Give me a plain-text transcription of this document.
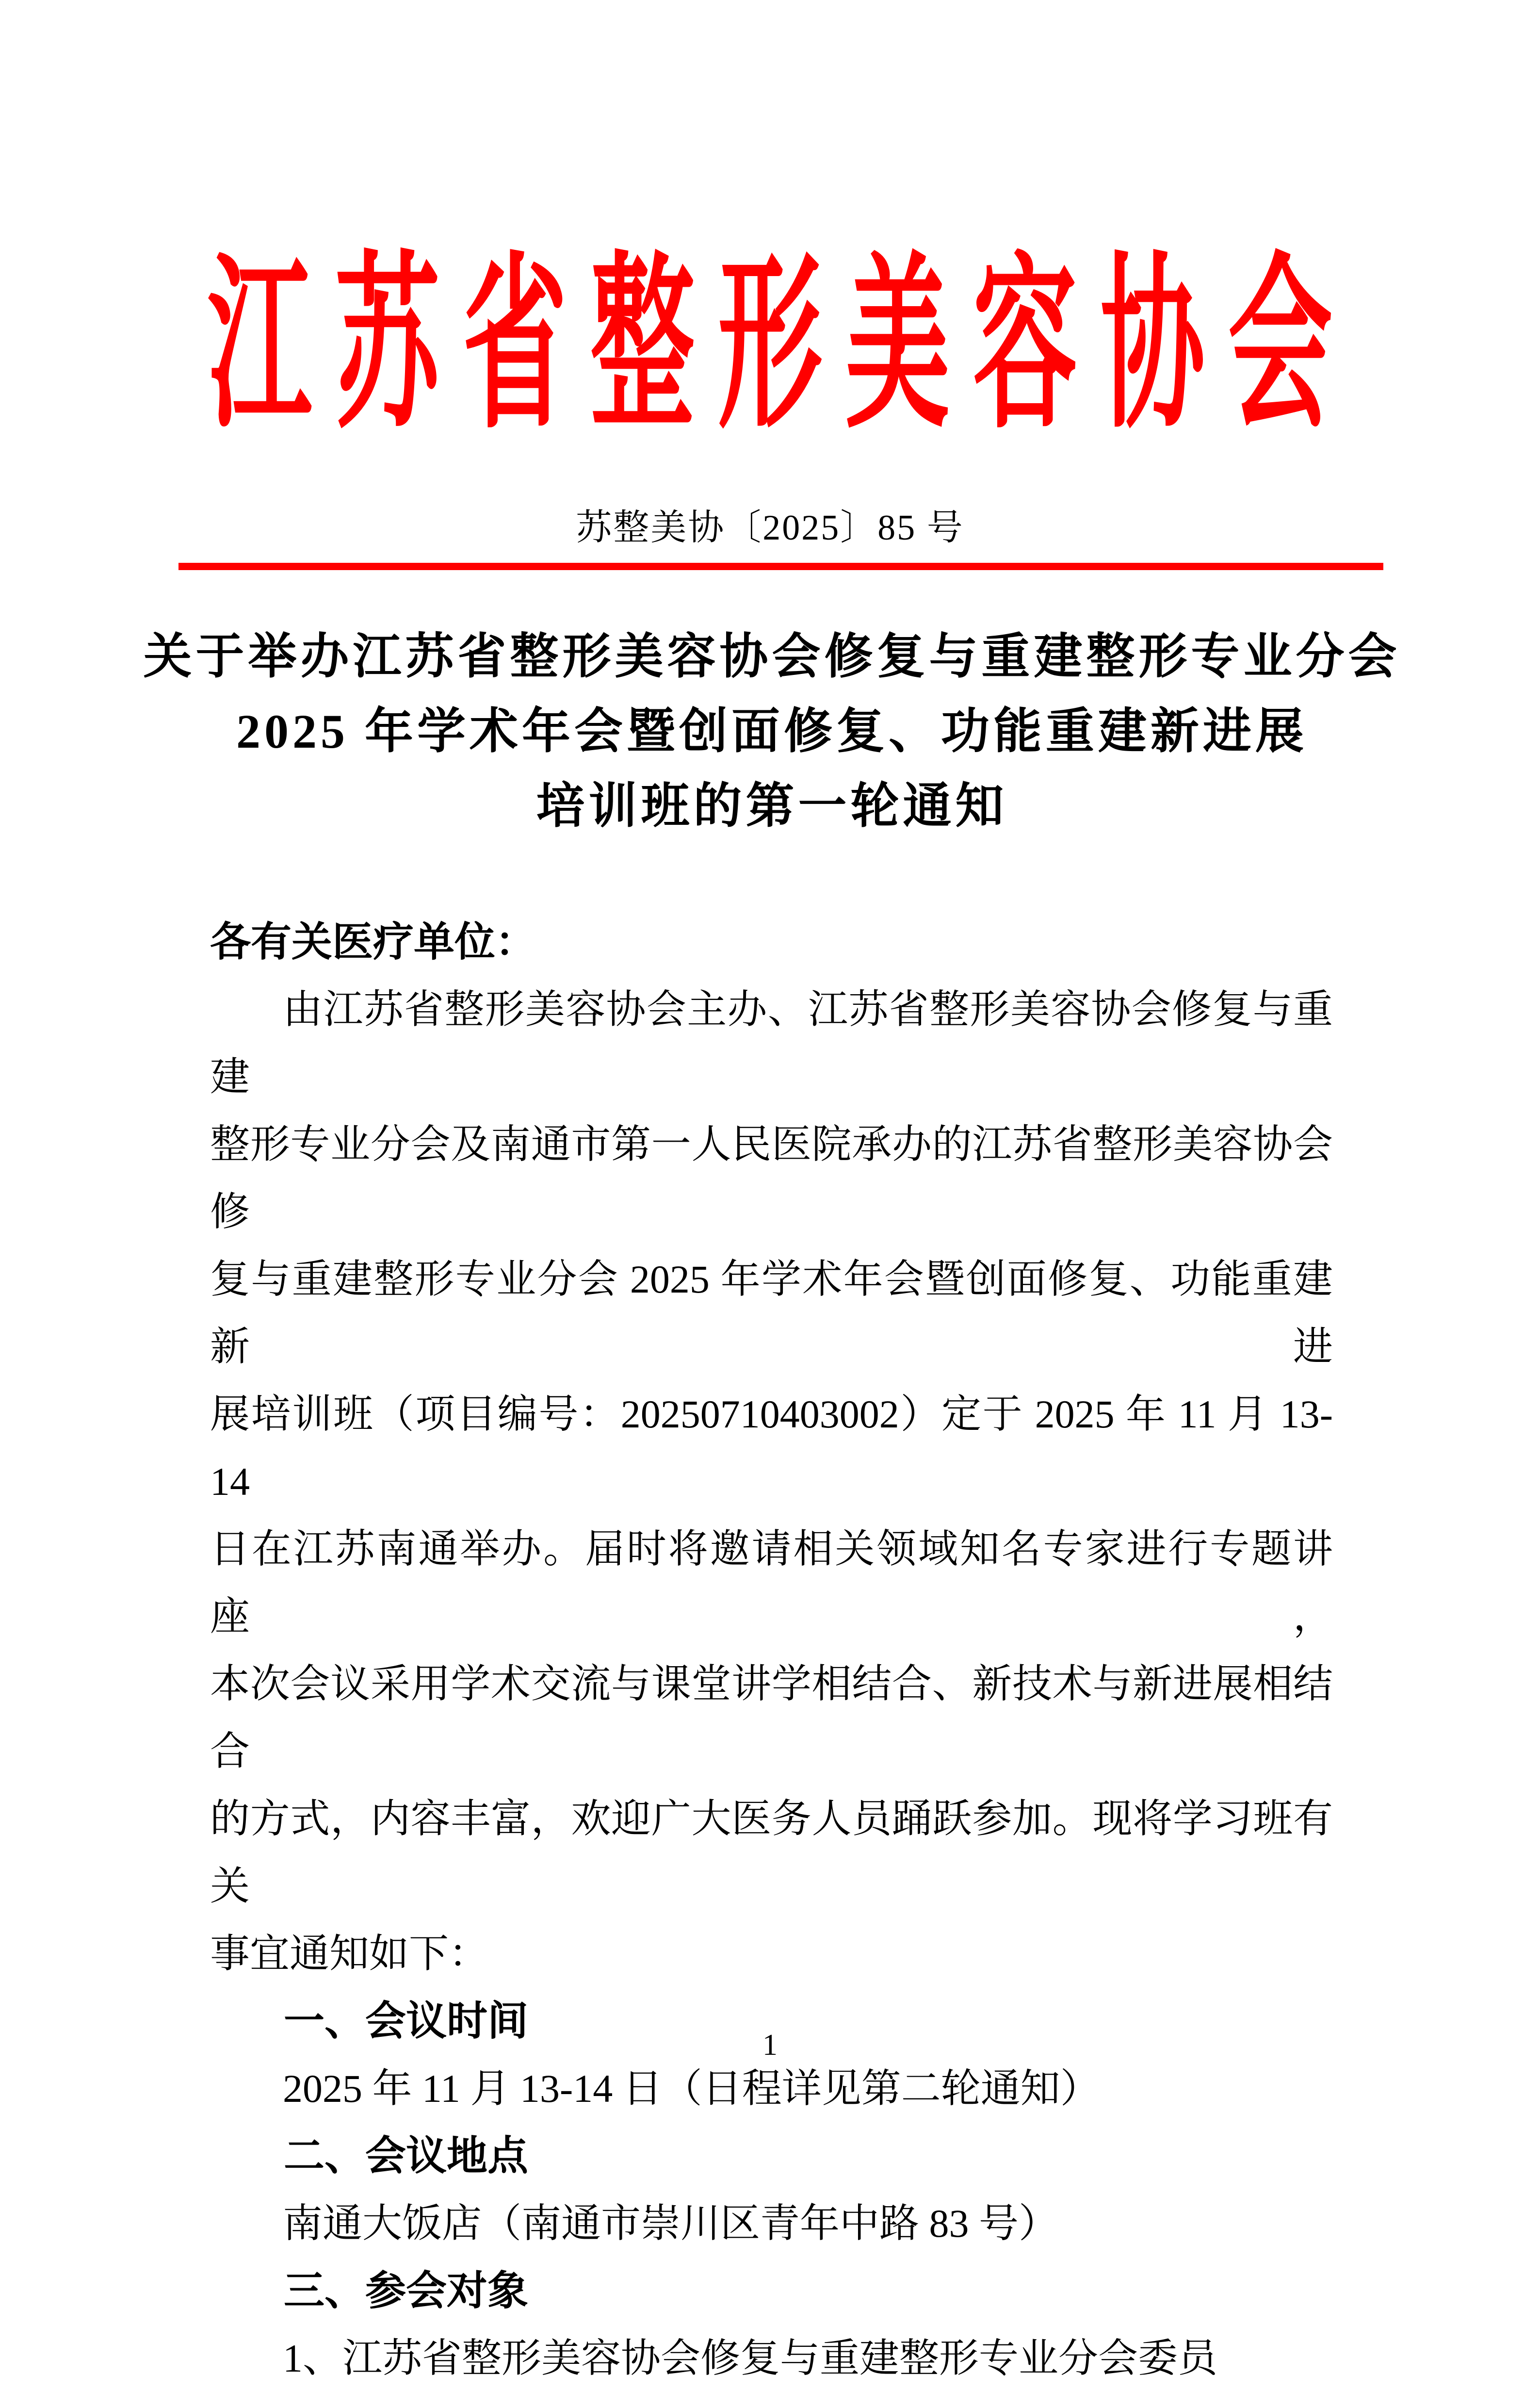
江苏省整形美容协会
苏整美协〔2025〕85 号
关于举办江苏省整形美容协会修复与重建整形专业分会
2025 年学术年会暨创面修复、功能重建新进展
培训班的第一轮通知
各有关医疗单位：
由江苏省整形美容协会主办、江苏省整形美容协会修复与重建
整形专业分会及南通市第一人民医院承办的江苏省整形美容协会修
复与重建整形专业分会 2025 年学术年会暨创面修复、功能重建新进
展培训班（项目编号：20250710403002）定于 2025 年 11 月 13-14
日在江苏南通举办。届时将邀请相关领域知名专家进行专题讲座，
本次会议采用学术交流与课堂讲学相结合、新技术与新进展相结合
的方式，内容丰富，欢迎广大医务人员踊跃参加。现将学习班有关
事宜通知如下：
一、会议时间
2025 年 11 月 13-14 日（日程详见第二轮通知）
二、会议地点
南通大饭店（南通市崇川区青年中路 83 号）
三、参会对象
1、江苏省整形美容协会修复与重建整形专业分会委员
1
